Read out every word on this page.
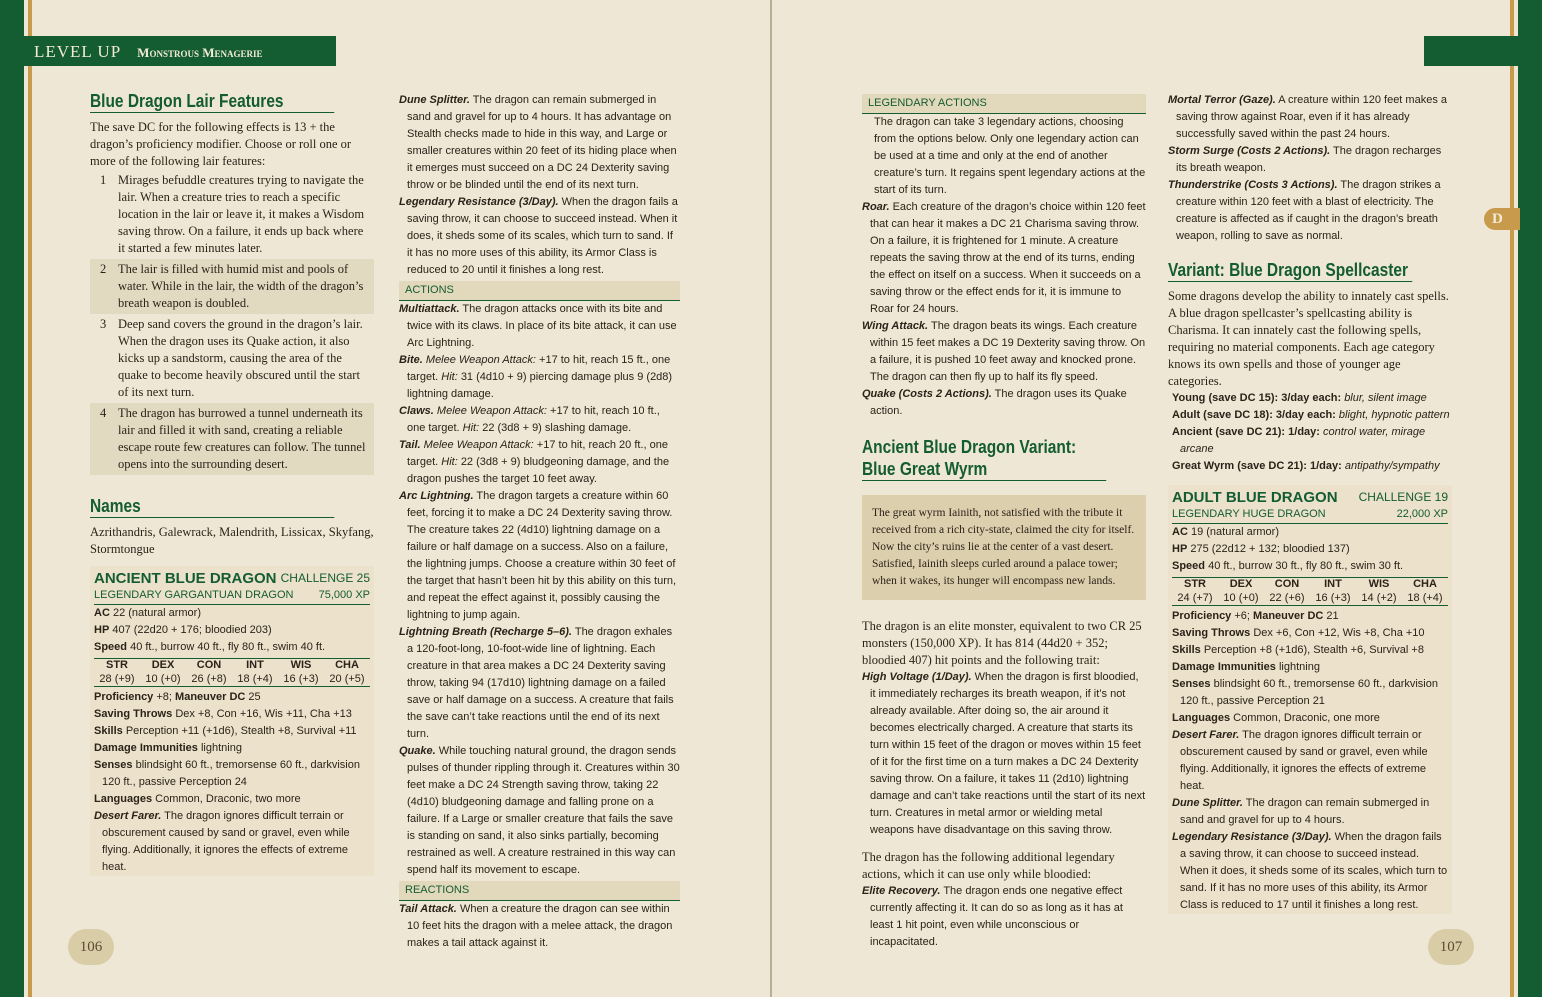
LEVEL UP Monstrous Menagerie
Blue Dragon Lair Features

The save DC for the following effects is 13 + the dragon’s proficiency modifier. Choose or roll one or more of the following lair features:

1 Mirages befuddle creatures trying to navigate the lair. When a creature tries to reach a specific location in the lair or leave it, it makes a Wisdom saving throw. On a failure, it ends up back where it started a few minutes later.
2 The lair is filled with humid mist and pools of water. While in the lair, the width of the dragon’s breath weapon is doubled.
3 Deep sand covers the ground in the dragon’s lair. When the dragon uses its Quake action, it also kicks up a sandstorm, causing the area of the quake to become heavily obscured until the start of its next turn.
4 The dragon has burrowed a tunnel underneath its lair and filled it with sand, creating a reliable escape route few creatures can follow. The tunnel opens into the surrounding desert.
Names

Azrithandris, Galewrack, Malendrith, Lissicax, Skyfang, Stormtongue

ANCIENT BLUE DRAGON CHALLENGE 25
LEGENDARY GARGANTUAN DRAGON 75,000 XP
AC 22 (natural armor)
HP 407 (22d20 + 176; bloodied 203)
Speed 40 ft., burrow 40 ft., fly 80 ft., swim 40 ft.
STR	DEX	CON	INT	WIS	CHA
28 (+9)	10 (+0)	26 (+8)	18 (+4)	16 (+3)	20 (+5)
Proficiency +8; Maneuver DC 25
Saving Throws Dex +8, Con +16, Wis +11, Cha +13
Skills Perception +11 (+1d6), Stealth +8, Survival +11
Damage Immunities lightning

Senses blindsight 60 ft., tremorsense 60 ft., darkvision 120 ft., passive Perception 24

Languages Common, Draconic, two more

Desert Farer. The dragon ignores difficult terrain or obscurement caused by sand or gravel, even while flying. Additionally, it ignores the effects of extreme heat.

Dune Splitter. The dragon can remain submerged in sand and gravel for up to 4 hours. It has advantage on Stealth checks made to hide in this way, and Large or smaller creatures within 20 feet of its hiding place when it emerges must succeed on a DC 24 Dexterity saving throw or be blinded until the end of its next turn.

Legendary Resistance (3/Day). When the dragon fails a saving throw, it can choose to succeed instead. When it does, it sheds some of its scales, which turn to sand. If it has no more uses of this ability, its Armor Class is reduced to 20 until it finishes a long rest.

ACTIONS

Multiattack. The dragon attacks once with its bite and twice with its claws. In place of its bite attack, it can use Arc Lightning.

Bite. Melee Weapon Attack: +17 to hit, reach 15 ft., one target. Hit: 31 (4d10 + 9) piercing damage plus 9 (2d8) lightning damage.

Claws. Melee Weapon Attack: +17 to hit, reach 10 ft., one target. Hit: 22 (3d8 + 9) slashing damage.

Tail. Melee Weapon Attack: +17 to hit, reach 20 ft., one target. Hit: 22 (3d8 + 9) bludgeoning damage, and the dragon pushes the target 10 feet away.

Arc Lightning. The dragon targets a creature within 60 feet, forcing it to make a DC 24 Dexterity saving throw. The creature takes 22 (4d10) lightning damage on a failure or half damage on a success. Also on a failure, the lightning jumps. Choose a creature within 30 feet of the target that hasn’t been hit by this ability on this turn, and repeat the effect against it, possibly causing the lightning to jump again.

Lightning Breath (Recharge 5–6). The dragon exhales a 120-foot-long, 10-foot-wide line of lightning. Each creature in that area makes a DC 24 Dexterity saving throw, taking 94 (17d10) lightning damage on a failed save or half damage on a success. A creature that fails the save can’t take reactions until the end of its next turn.

Quake. While touching natural ground, the dragon sends pulses of thunder rippling through it. Creatures within 30 feet make a DC 24 Strength saving throw, taking 22 (4d10) bludgeoning damage and falling prone on a failure. If a Large or smaller creature that fails the save is standing on sand, it also sinks partially, becoming restrained as well. A creature restrained in this way can spend half its movement to escape.

REACTIONS

Tail Attack. When a creature the dragon can see within 10 feet hits the dragon with a melee attack, the dragon makes a tail attack against it.

106
D
LEGENDARY ACTIONS

The dragon can take 3 legendary actions, choosing from the options below. Only one legendary action can be used at a time and only at the end of another creature’s turn. It regains spent legendary actions at the start of its turn.

Roar. Each creature of the dragon’s choice within 120 feet that can hear it makes a DC 21 Charisma saving throw. On a failure, it is frightened for 1 minute. A creature repeats the saving throw at the end of its turns, ending the effect on itself on a success. When it succeeds on a saving throw or the effect ends for it, it is immune to Roar for 24 hours.

Wing Attack. The dragon beats its wings. Each creature within 15 feet makes a DC 19 Dexterity saving throw. On a failure, it is pushed 10 feet away and knocked prone. The dragon can then fly up to half its fly speed.

Quake (Costs 2 Actions). The dragon uses its Quake action.

Ancient Blue Dragon Variant:
Blue Great Wyrm
The great wyrm Iainith, not satisfied with the tribute it received from a rich city-state, claimed the city for itself. Now the city’s ruins lie at the center of a vast desert. Satisfied, Iainith sleeps curled around a palace tower; when it wakes, its hunger will encompass new lands.

The dragon is an elite monster, equivalent to two CR 25 monsters (150,000 XP). It has 814 (44d20 + 352; bloodied 407) hit points and the following trait:

High Voltage (1/Day). When the dragon is first bloodied, it immediately recharges its breath weapon, if it’s not already available. After doing so, the air around it becomes electrically charged. A creature that starts its turn within 15 feet of the dragon or moves within 15 feet of it for the first time on a turn makes a DC 24 Dexterity saving throw. On a failure, it takes 11 (2d10) lightning damage and can’t take reactions until the start of its next turn. Creatures in metal armor or wielding metal weapons have disadvantage on this saving throw.

The dragon has the following additional legendary actions, which it can use only while bloodied:

Elite Recovery. The dragon ends one negative effect currently affecting it. It can do so as long as it has at least 1 hit point, even while unconscious or incapacitated.

Mortal Terror (Gaze). A creature within 120 feet makes a saving throw against Roar, even if it has already successfully saved within the past 24 hours.

Storm Surge (Costs 2 Actions). The dragon recharges its breath weapon.

Thunderstrike (Costs 3 Actions). The dragon strikes a creature within 120 feet with a blast of electricity. The creature is affected as if caught in the dragon’s breath weapon, rolling to save as normal.

Variant: Blue Dragon Spellcaster

Some dragons develop the ability to innately cast spells. A blue dragon spellcaster’s spellcasting ability is Charisma. It can innately cast the following spells, requiring no material components. Each age category knows its own spells and those of younger age categories.

Young (save DC 15): 3/day each: blur, silent image

Adult (save DC 18): 3/day each: blight, hypnotic pattern

Ancient (save DC 21): 1/day: control water, mirage arcane

Great Wyrm (save DC 21): 1/day: antipathy/sympathy

ADULT BLUE DRAGON CHALLENGE 19
LEGENDARY HUGE DRAGON	22,000 XP
AC 19 (natural armor)
HP 275 (22d12 + 132; bloodied 137)
Speed 40 ft., burrow 30 ft., fly 80 ft., swim 30 ft.
STR	DEX	CON	INT	WIS	CHA
24 (+7)	10 (+0)	22 (+6)	16 (+3)	14 (+2)	18 (+4)
Proficiency +6; Maneuver DC 21
Saving Throws Dex +6, Con +12, Wis +8, Cha +10
Skills Perception +8 (+1d6), Stealth +6, Survival +8
Damage Immunities lightning

Senses blindsight 60 ft., tremorsense 60 ft., darkvision 120 ft., passive Perception 21

Languages Common, Draconic, one more

Desert Farer. The dragon ignores difficult terrain or obscurement caused by sand or gravel, even while flying. Additionally, it ignores the effects of extreme heat.

Dune Splitter. The dragon can remain submerged in sand and gravel for up to 4 hours.

Legendary Resistance (3/Day). When the dragon fails a saving throw, it can choose to succeed instead. When it does, it sheds some of its scales, which turn to sand. If it has no more uses of this ability, its Armor Class is reduced to 17 until it finishes a long rest.

107
